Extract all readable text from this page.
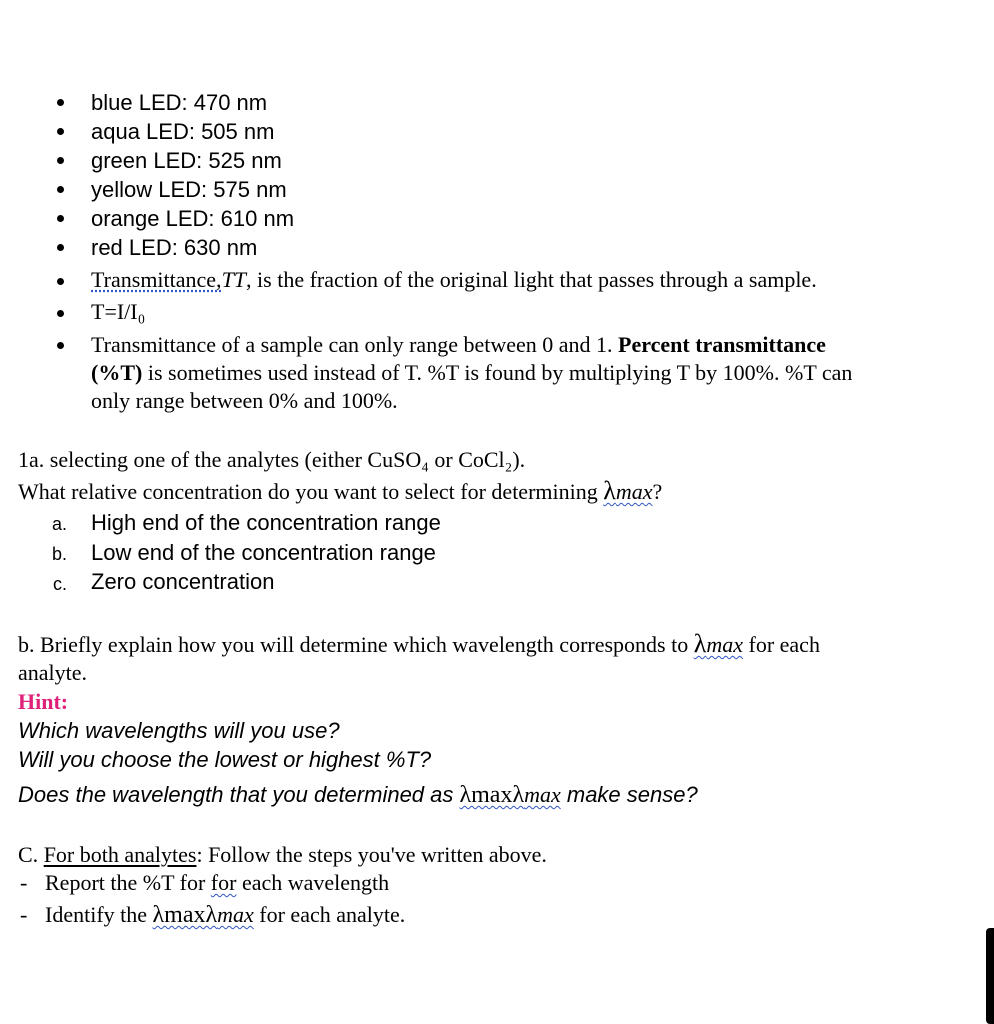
blue LED: 470 nm
aqua LED: 505 nm
green LED: 525 nm
yellow LED: 575 nm
orange LED: 610 nm
red LED: 630 nm
Transmittance,TT, is the fraction of the original light that passes through a sample.
T=I/I₀
Transmittance of a sample can only range between 0 and 1. Percent transmittance
(%T) is sometimes used instead of T. %T is found by multiplying T by 100%. %T can
only range between 0% and 100%.
1a. selecting one of the analytes (either CuSO₄ or CoCl₂).
What relative concentration do you want to select for determining λmax?
a. High end of the concentration range
b. Low end of the concentration range
c. Zero concentration
b. Briefly explain how you will determine which wavelength corresponds to λmax for each
analyte.
Hint:
Which wavelengths will you use?
Will you choose the lowest or highest %T?
Does the wavelength that you determined as λmaxλmax make sense?
C. For both analytes: Follow the steps you've written above.
- Report the %T for for each wavelength
- Identify the λmaxλmax for each analyte.
